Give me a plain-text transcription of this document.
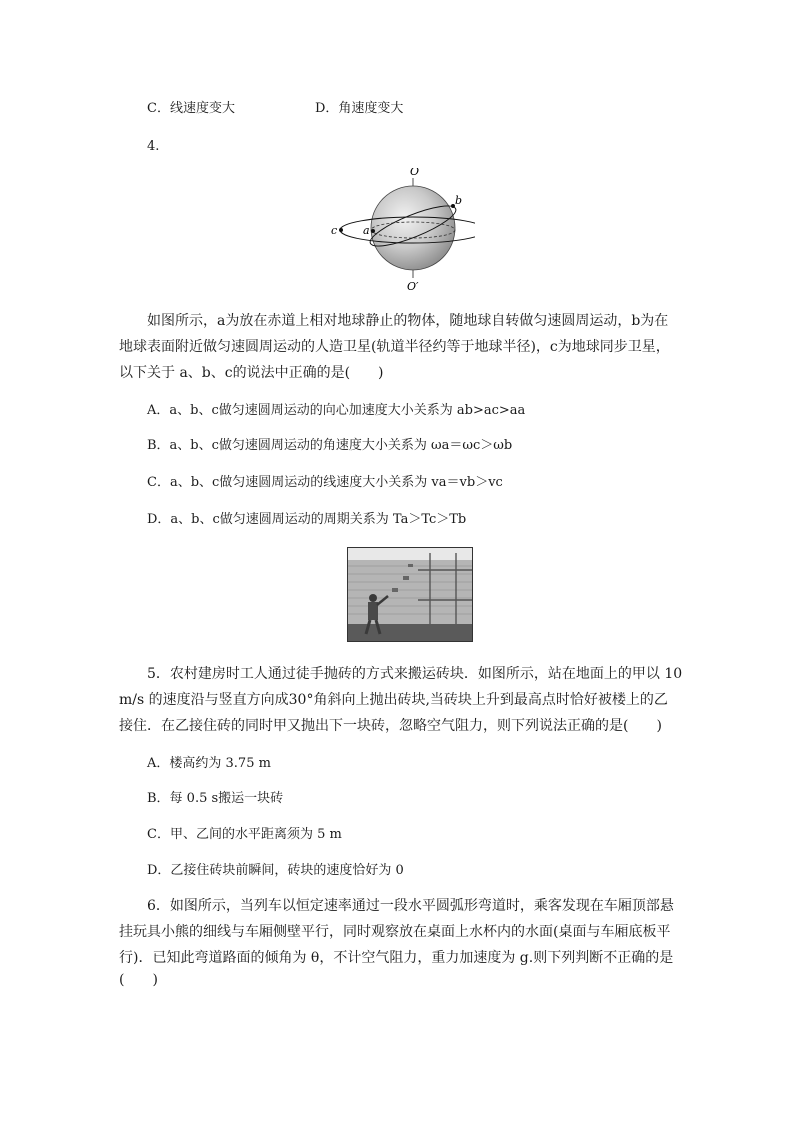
C．线速度变大	D．角速度变大
4.
O
O′
a
b
c
如图所示，a为放在赤道上相对地球静止的物体，随地球自转做匀速圆周运动，b为在
地球表面附近做匀速圆周运动的人造卫星(轨道半径约等于地球半径)，c为地球同步卫星，
以下关于 a、b、c的说法中正确的是(　　)
A．a、b、c做匀速圆周运动的向心加速度大小关系为 ab>ac>aa
B．a、b、c做匀速圆周运动的角速度大小关系为 ωa＝ωc＞ωb
C．a、b、c做匀速圆周运动的线速度大小关系为 va＝vb＞vc
D．a、b、c做匀速圆周运动的周期关系为 Ta＞Tc＞Tb
5．农村建房时工人通过徒手抛砖的方式来搬运砖块．如图所示，站在地面上的甲以 10
m/s 的速度沿与竖直方向成30°角斜向上抛出砖块,当砖块上升到最高点时恰好被楼上的乙
接住．在乙接住砖的同时甲又抛出下一块砖，忽略空气阻力，则下列说法正确的是(　　)
A．楼高约为 3.75 m
B．每 0.5 s搬运一块砖
C．甲、乙间的水平距离须为 5 m
D．乙接住砖块前瞬间，砖块的速度恰好为 0
6．如图所示，当列车以恒定速率通过一段水平圆弧形弯道时，乘客发现在车厢顶部悬
挂玩具小熊的细线与车厢侧壁平行，同时观察放在桌面上水杯内的水面(桌面与车厢底板平
行)．已知此弯道路面的倾角为 θ，不计空气阻力，重力加速度为 g.则下列判断不正确的是
(　　)
